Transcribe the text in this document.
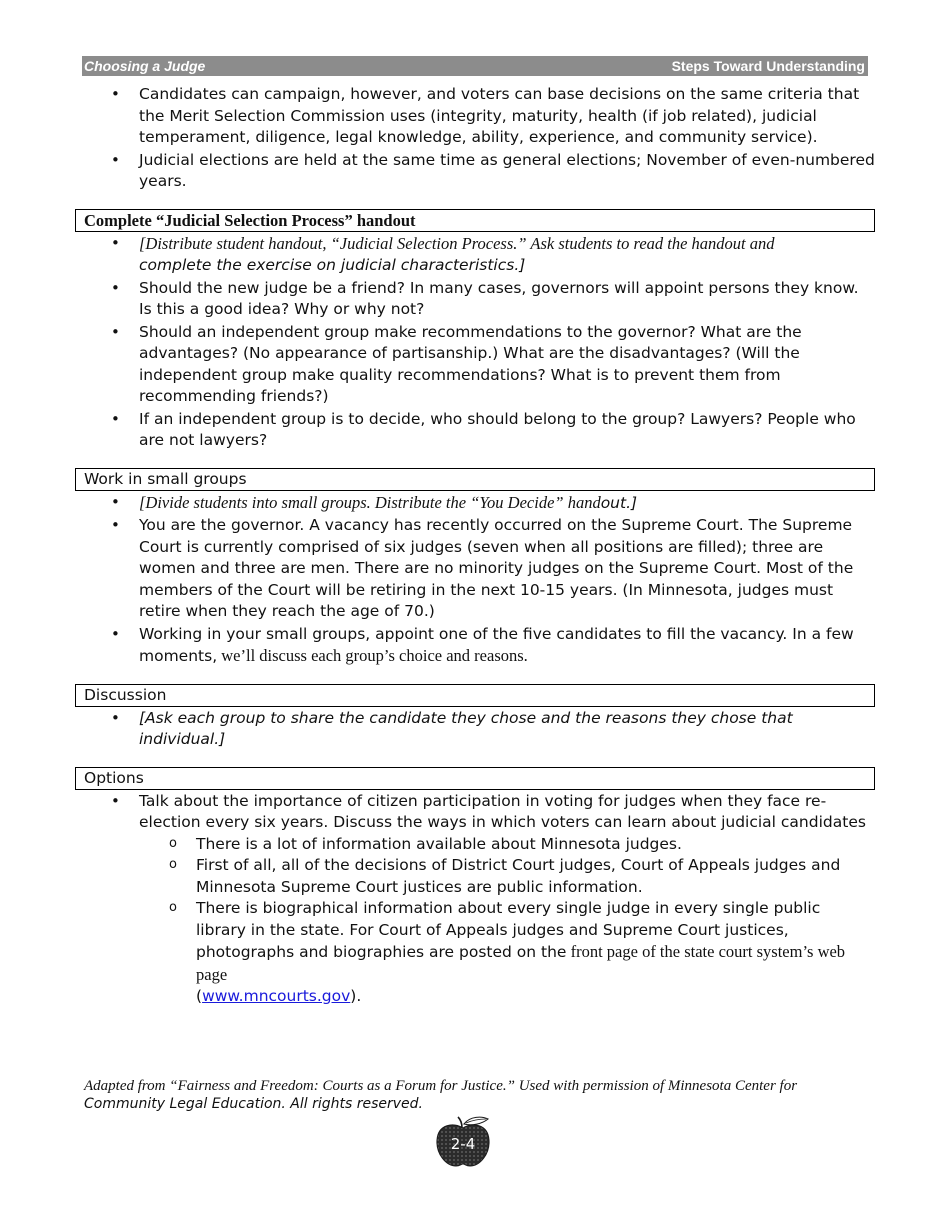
Choosing a Judge	Steps Toward Understanding
• Candidates can campaign, however, and voters can base decisions on the same criteria that the Merit Selection Commission uses (integrity, maturity, health (if job related), judicial temperament, diligence, legal knowledge, ability, experience, and community service).
• Judicial elections are held at the same time as general elections; November of even-numbered years.
Complete “Judicial Selection Process” handout
• [Distribute student handout, “Judicial Selection Process.” Ask students to read the handout and
complete the exercise on judicial characteristics.]
• Should the new judge be a friend? In many cases, governors will appoint persons they know. Is this a good idea? Why or why not?
• Should an independent group make recommendations to the governor? What are the advantages? (No appearance of partisanship.) What are the disadvantages? (Will the independent group make quality recommendations? What is to prevent them from recommending friends?)
• If an independent group is to decide, who should belong to the group? Lawyers? People who are not lawyers?
Work in small groups
• [Divide students into small groups. Distribute the “You Decide” handout.]
• You are the governor. A vacancy has recently occurred on the Supreme Court. The Supreme Court is currently comprised of six judges (seven when all positions are filled); three are women and three are men. There are no minority judges on the Supreme Court. Most of the members of the Court will be retiring in the next 10-15 years. (In Minnesota, judges must retire when they reach the age of 70.)
• Working in your small groups, appoint one of the five candidates to fill the vacancy. In a few moments, we’ll discuss each group’s choice and reasons.
Discussion
• [Ask each group to share the candidate they chose and the reasons they chose that individual.]
Options
• Talk about the importance of citizen participation in voting for judges when they face re-election every six years. Discuss the ways in which voters can learn about judicial candidates
o There is a lot of information available about Minnesota judges.
o First of all, all of the decisions of District Court judges, Court of Appeals judges and Minnesota Supreme Court justices are public information.
o There is biographical information about every single judge in every single public library in the state. For Court of Appeals judges and Supreme Court justices, photographs and biographies are posted on the front page of the state court system’s web page
(www.mncourts.gov).
Adapted from “Fairness and Freedom: Courts as a Forum for Justice.” Used with permission of Minnesota Center for
Community Legal Education. All rights reserved.
2-4
